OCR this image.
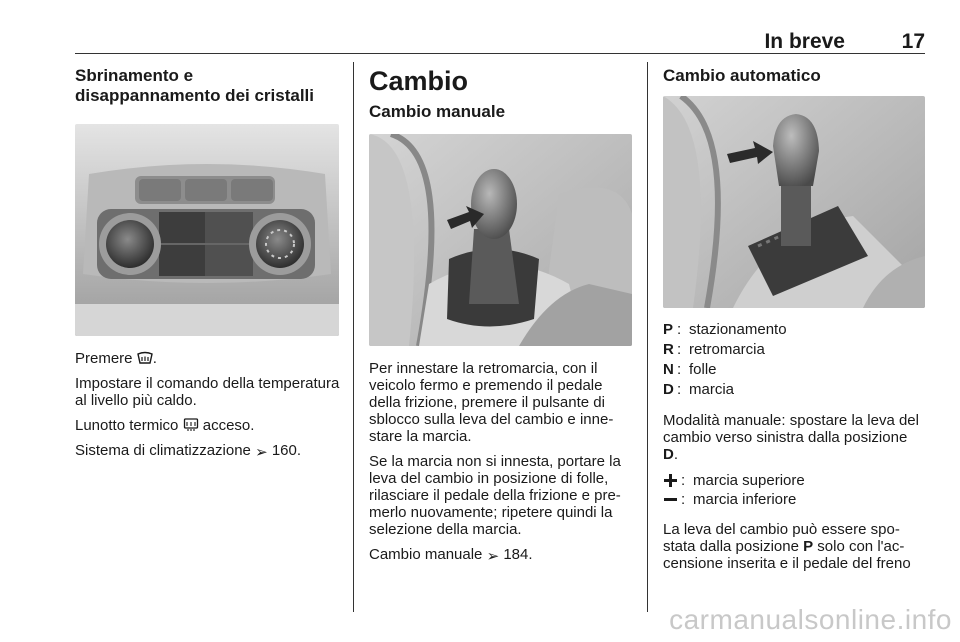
In breve	17
Sbrinamento e disappannamento dei cristalli

Premere .

Impostare il comando della temperatura al livello più caldo.

Lunotto termico  acceso.

Sistema di climatizzazione ➢ 160.

Cambio
Cambio manuale

Per innestare la retromarcia, con il veicolo fermo e premendo il pedale della frizione, premere il pulsante di sblocco sulla leva del cambio e innestare la marcia.

Se la marcia non si innesta, portare la leva del cambio in posizione di folle, rilasciare il pedale della frizione e premerlo nuovamente; ripetere quindi la selezione della marcia.

Cambio manuale ➢ 184.

Cambio automatico
P : stazionamento
R : retromarcia
N : folle
D : marcia

Modalità manuale: spostare la leva del cambio verso sinistra dalla posizione D.

: marcia superiore
: marcia inferiore

La leva del cambio può essere spostata dalla posizione P solo con l'accensione inserita e il pedale del freno

carmanualsonline.info
